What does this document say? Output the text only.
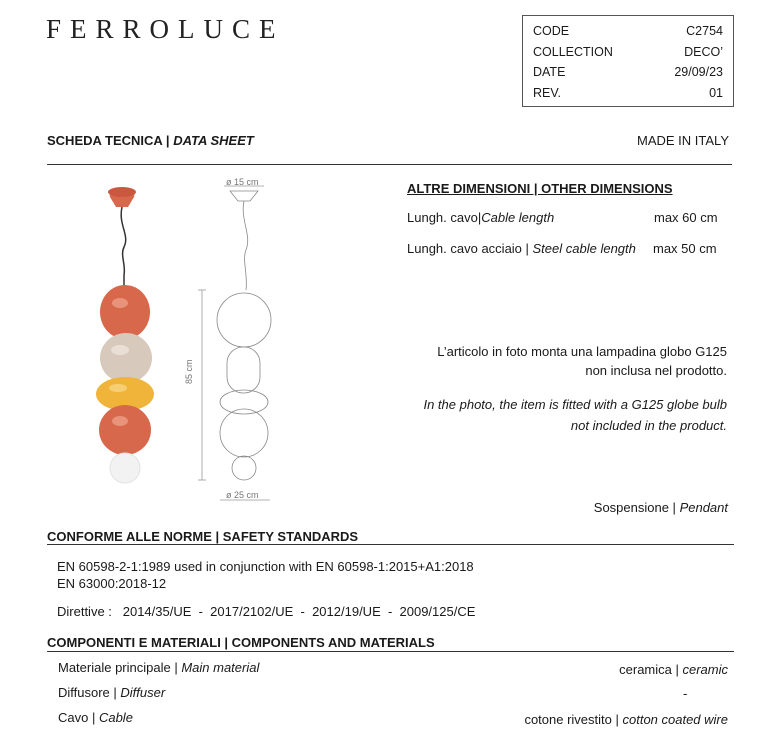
FERROLUCE	CODE	C2754
COLLECTION	DECO’
DATE	29/09/23
REV.	01
SCHEDA TECNICA | DATA SHEET	MADE IN ITALY
ø 15 cm
85 cm
ø 25 cm
ALTRE DIMENSIONI | OTHER DIMENSIONS
Lungh. cavo|Cable length	max 60 cm
Lungh. cavo acciaio | Steel cable length max 50 cm
L’articolo in foto monta una lampadina globo G125
non inclusa nel prodotto.
In the photo, the item is fitted with a G125 globe bulb
not included in the product.
Sospensione | Pendant
CONFORME ALLE NORME | SAFETY STANDARDS
EN 60598-2-1:1989 used in conjunction with EN 60598-1:2015+A1:2018
EN 63000:2018-12
Direttive :   2014/35/UE  -  2017/2102/UE  -  2012/19/UE  -  2009/125/CE
COMPONENTI E MATERIALI | COMPONENTS AND MATERIALS
Materiale principale | Main material	ceramica | ceramic
Diffusore | Diffuser	-
Cavo | Cable	cotone rivestito | cotton coated wire
